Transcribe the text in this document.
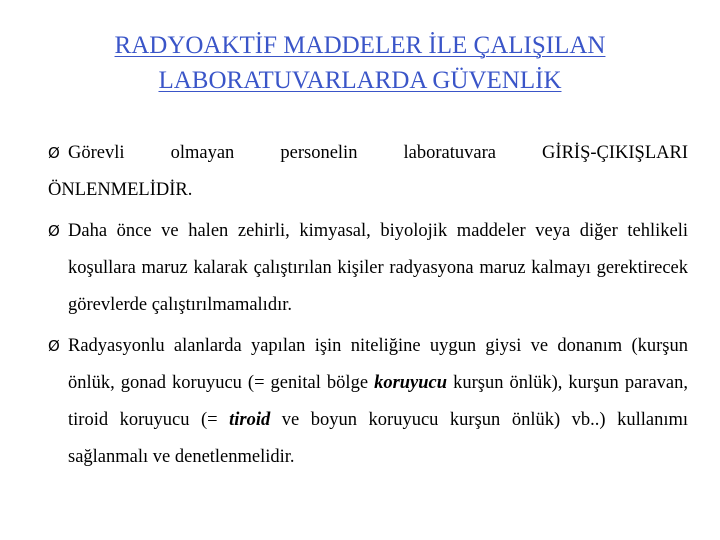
RADYOAKTİF MADDELER İLE ÇALIŞILAN
LABORATUVARLARDA GÜVENLİK
Ø Görevli olmayan personelin laboratuvara GİRİŞ-ÇIKIŞLARI
ÖNLENMELİDİR.
Ø Daha önce ve halen zehirli, kimyasal, biyolojik maddeler veya diğer tehlikeli koşullara maruz kalarak çalıştırılan kişiler radyasyona maruz kalmayı gerektirecek görevlerde çalıştırılmamalıdır.
Ø Radyasyonlu alanlarda yapılan işin niteliğine uygun giysi ve donanım (kurşun önlük, gonad koruyucu (= genital bölge koruyucu kurşun önlük), kurşun paravan, tiroid koruyucu (= tiroid ve boyun koruyucu kurşun önlük) vb..) kullanımı sağlanmalı ve denetlenmelidir.
